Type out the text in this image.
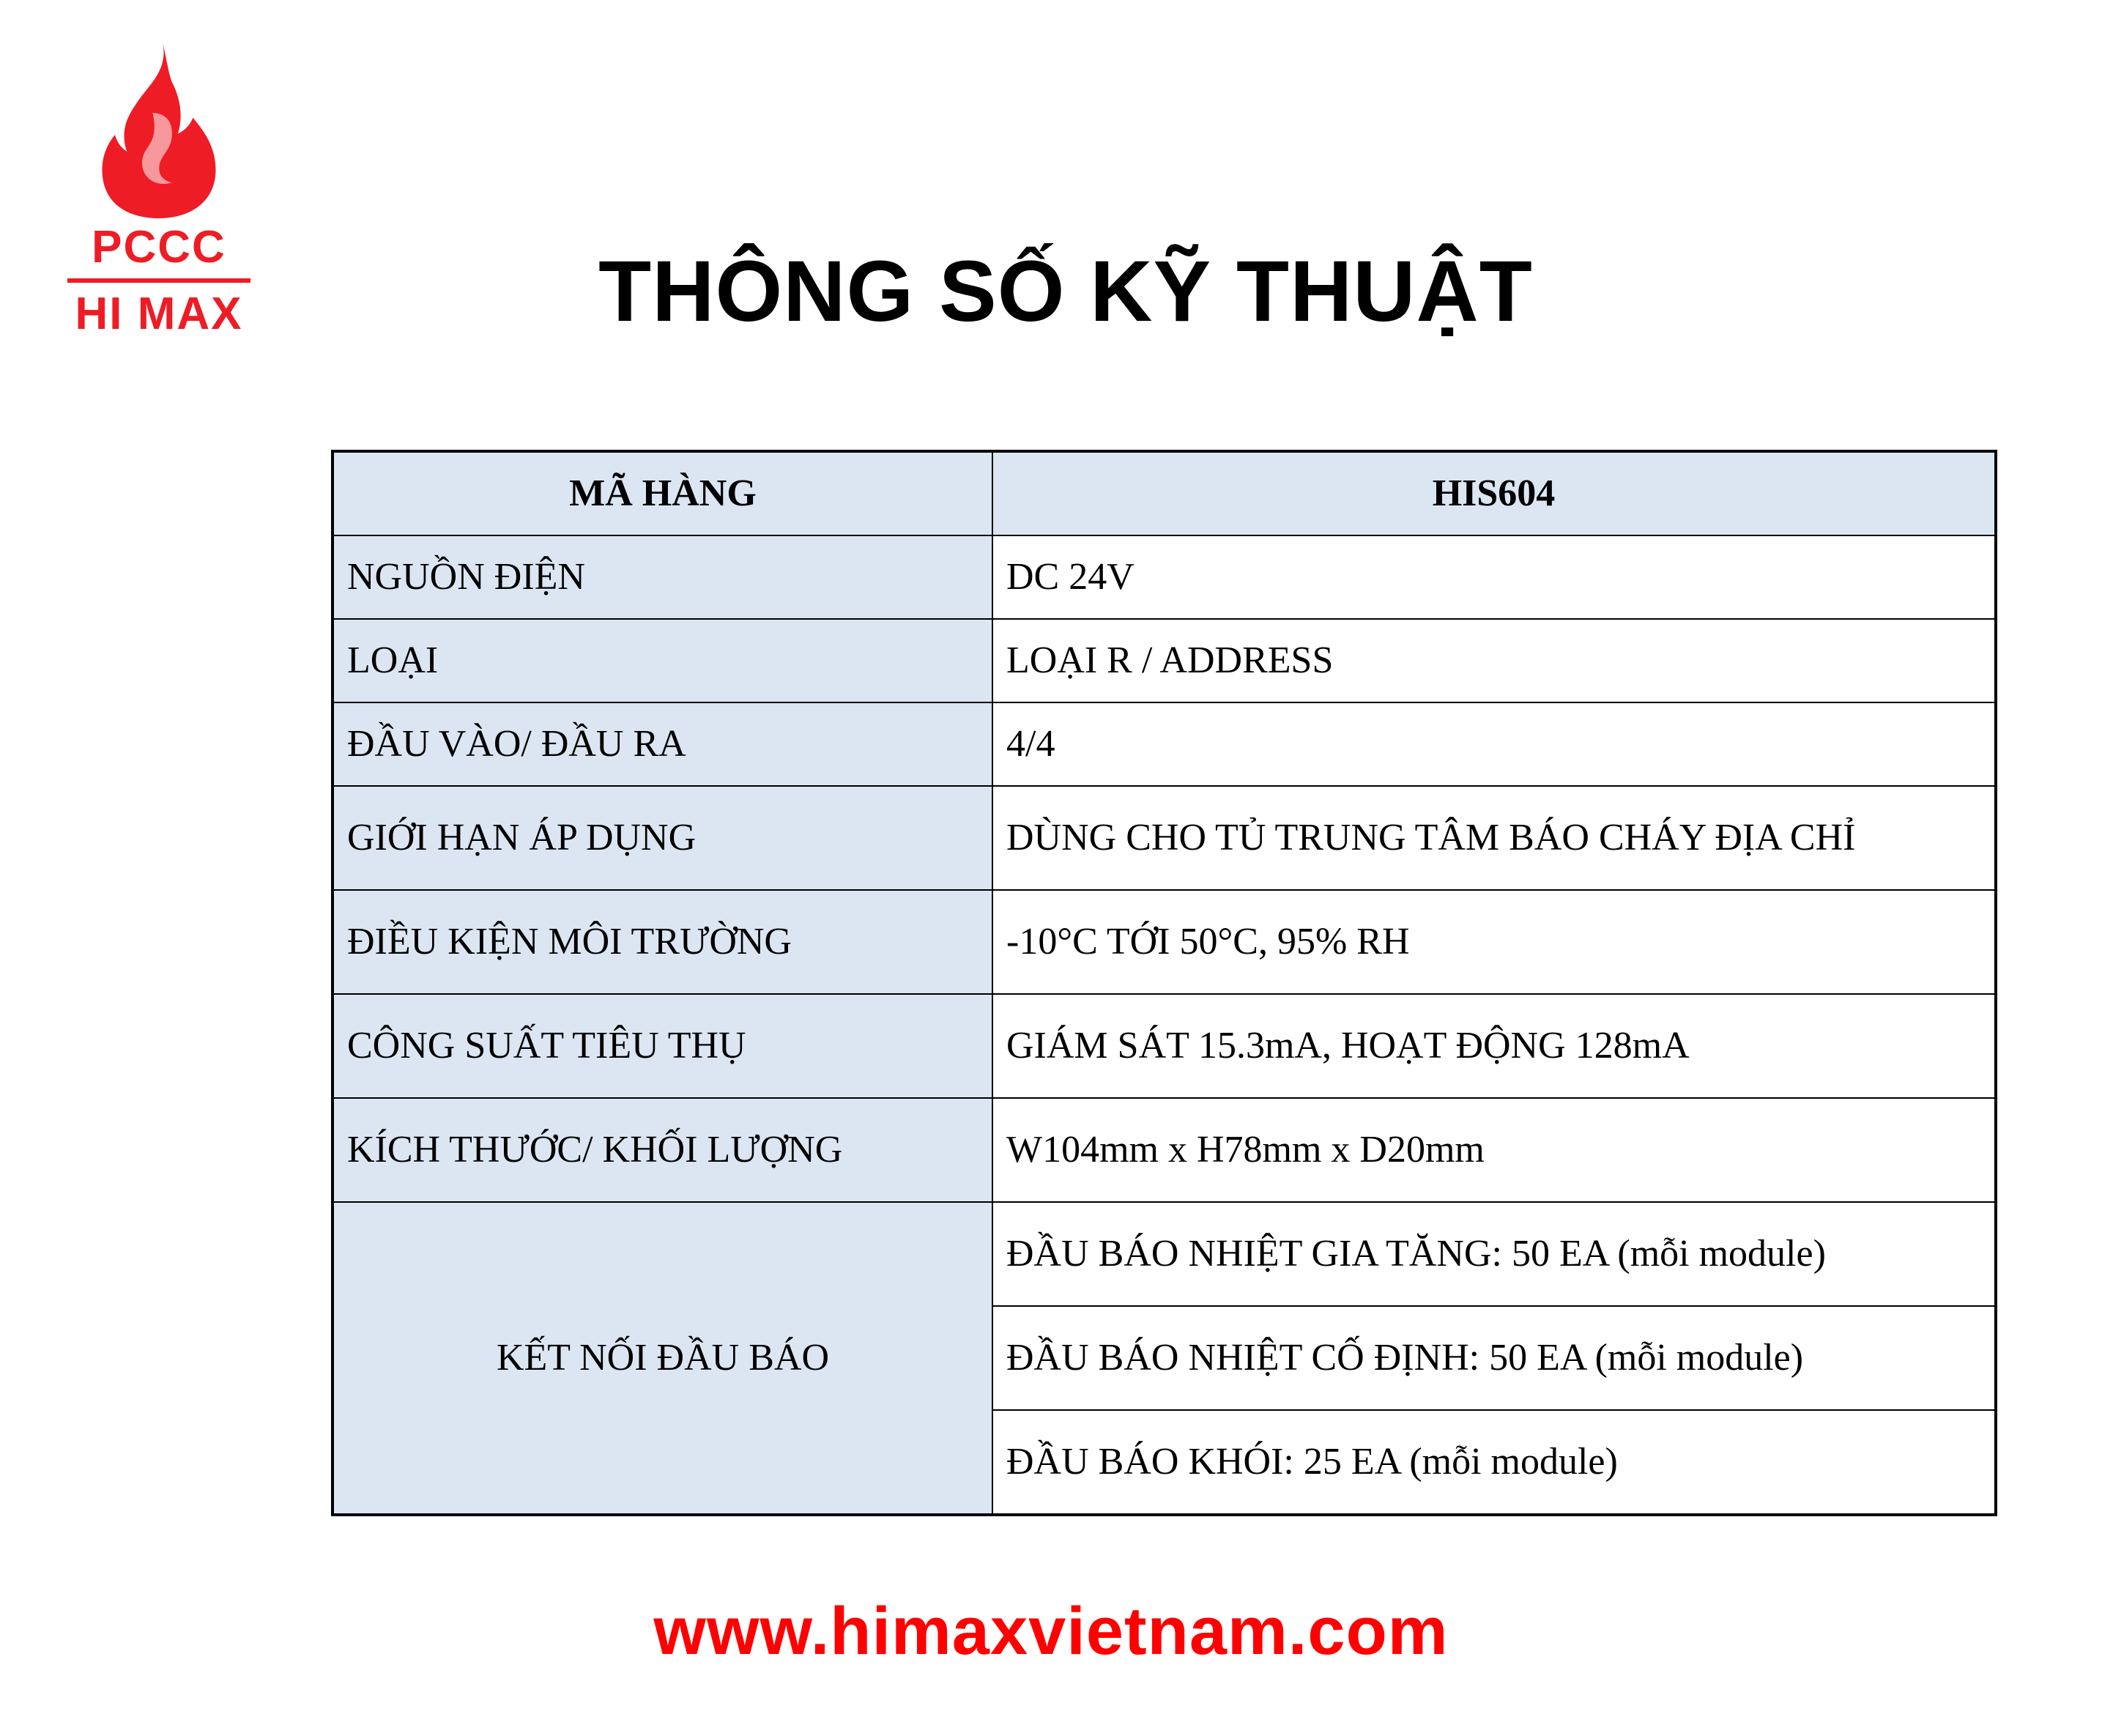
PCCC
HI MAX	THÔNG SỐ KỸ THUẬT
MÃ HÀNG	HIS604
NGUỒN ĐIỆN	DC 24V
LOẠI	LOẠI R / ADDRESS
ĐẦU VÀO/ ĐẦU RA	4/4
GIỚI HẠN ÁP DỤNG	DÙNG CHO TỦ TRUNG TÂM BÁO CHÁY ĐỊA CHỈ
ĐIỀU KIỆN MÔI TRƯỜNG	-10°C TỚI 50°C, 95% RH
CÔNG SUẤT TIÊU THỤ	GIÁM SÁT 15.3mA, HOẠT ĐỘNG 128mA
KÍCH THƯỚC/ KHỐI LƯỢNG	W104mm x H78mm x D20mm
KẾT NỐI ĐẦU BÁO	ĐẦU BÁO NHIỆT GIA TĂNG: 50 EA (mỗi module)
	ĐẦU BÁO NHIỆT CỐ ĐỊNH: 50 EA (mỗi module)
	ĐẦU BÁO KHÓI: 25 EA (mỗi module)
www.himaxvietnam.com
